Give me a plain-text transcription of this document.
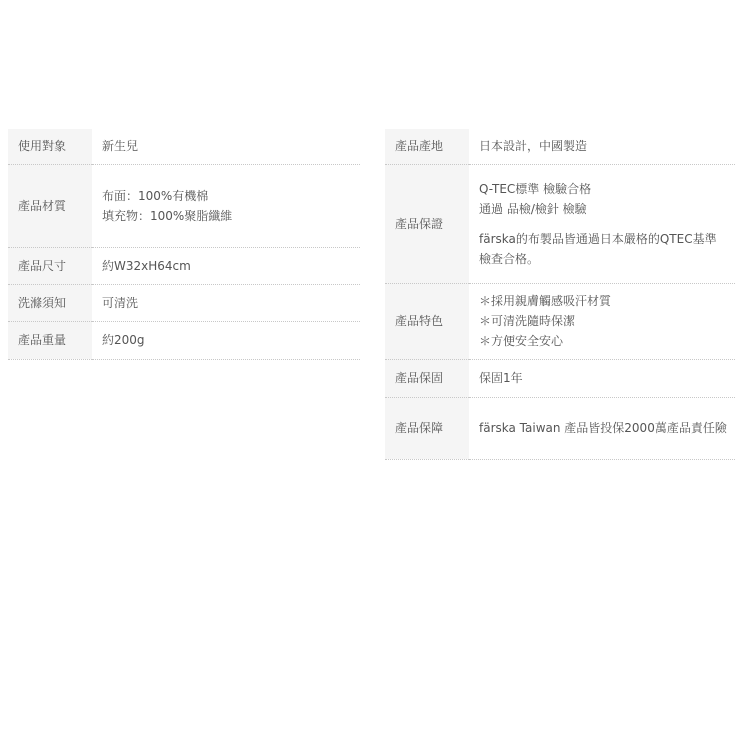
使用對象	新生兒

產品材質	布面：100%有機棉
填充物：100%聚脂纖維

產品尺寸	約W32xH64cm

洗滌須知	可清洗

產品重量	約200g
產品產地	日本設計，中國製造

產品保證	Q-TEC標準 檢驗合格
通過 品檢/檢針 檢驗
färska的布製品皆通過日本嚴格的QTEC基準
檢查合格。

產品特色	＊採用親膚觸感吸汗材質
＊可清洗隨時保潔
＊方便安全安心

產品保固	保固1年

產品保障	färska Taiwan 產品皆投保2000萬產品責任險
